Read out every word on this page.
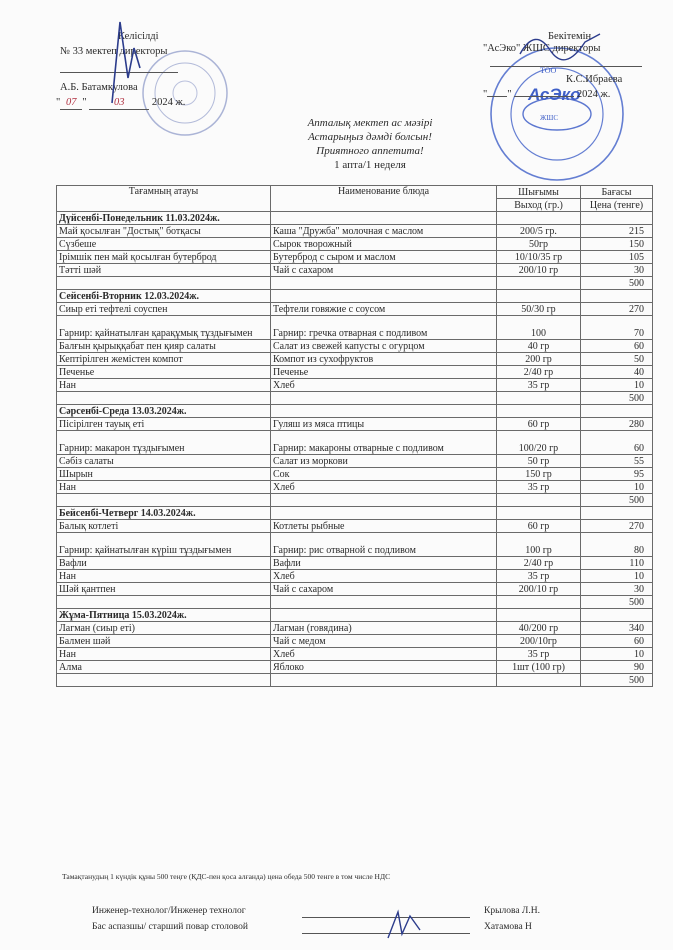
ТОО
АсЭко
ЖШС
Келісілді
№ 33 мектеп директоры
А.Б. Батамкулова
" 07 " 03	2024 ж.
Бекітемін
"АсЭко" ЖШС директоры
К.С.Ибраева
" "	2024 ж.
Апталық мектеп ас мәзірі
Астарыңыз дәмді болсын!
Приятного аппетита!
1 апта/1 неделя
Тағамның атауы	Наименование блюда	Шығымы	Бағасы
		Выход (гр.)	Цена (тенге)
Дүйсенбі-Понедельник 11.03.2024ж.			
Май қосылған "Достық" ботқасы	Каша "Дружба" молочная с маслом	200/5 гр.	215
Сүзбеше	Сырок творожный	50гр	150
Ірімшік пен май қосылған бутерброд	Бутерброд с сыром и маслом	10/10/35 гр	105
Тәтті шәй	Чай с сахаром	200/10 гр	30
			500
Сейсенбі-Вторник 12.03.2024ж.			
Сиыр еті тефтелі соуспен	Тефтели говяжие с соусом	50/30 гр	270
Гарнир: қайнатылған қарақұмық тұздығымен	Гарнир: гречка отварная с подливом	100	70
Балғын қырыққабат пен қияр салаты	Салат из свежей капусты с огурцом	40 гр	60
Кептірілген жемістен компот	Компот из сухофруктов	200 гр	50
Печенье	Печенье	2/40 гр	40
Нан	Хлеб	35 гр	10
			500
Сәрсенбі-Среда 13.03.2024ж.			
Пісірілген тауық еті	Гуляш из мяса птицы	60 гр	280
Гарнир: макарон тұздығымен	Гарнир: макароны отварные с подливом	100/20 гр	60
Сәбіз салаты	Салат из моркови	50 гр	55
Шырын	Сок	150 гр	95
Нан	Хлеб	35 гр	10
			500
Бейсенбі-Четверг 14.03.2024ж.			
Балық котлеті	Котлеты рыбные	60 гр	270
Гарнир: қайнатылған күріш тұздығымен	Гарнир: рис отварной с подливом	100 гр	80
Вафли	Вафли	2/40 гр	110
Нан	Хлеб	35 гр	10
Шәй қантпен	Чай с сахаром	200/10 гр	30
			500
Жұма-Пятница 15.03.2024ж.			
Лагман (сиыр еті)	Лагман (говядина)	40/200 гр	340
Балмен шәй	Чай с медом	200/10гр	60
Нан	Хлеб	35 гр	10
Алма	Яблоко	1шт (100 гр)	90
			500
Тамақтанудың 1 күндік құны 500 теңге (ҚДС-пен қоса алғанда) цена обеда 500 тенге в том числе НДС
Инженер-технолог/Инженер технолог	Крылова Л.Н.
Бас аспазшы/ старший повар столовой	Хатамова Н
